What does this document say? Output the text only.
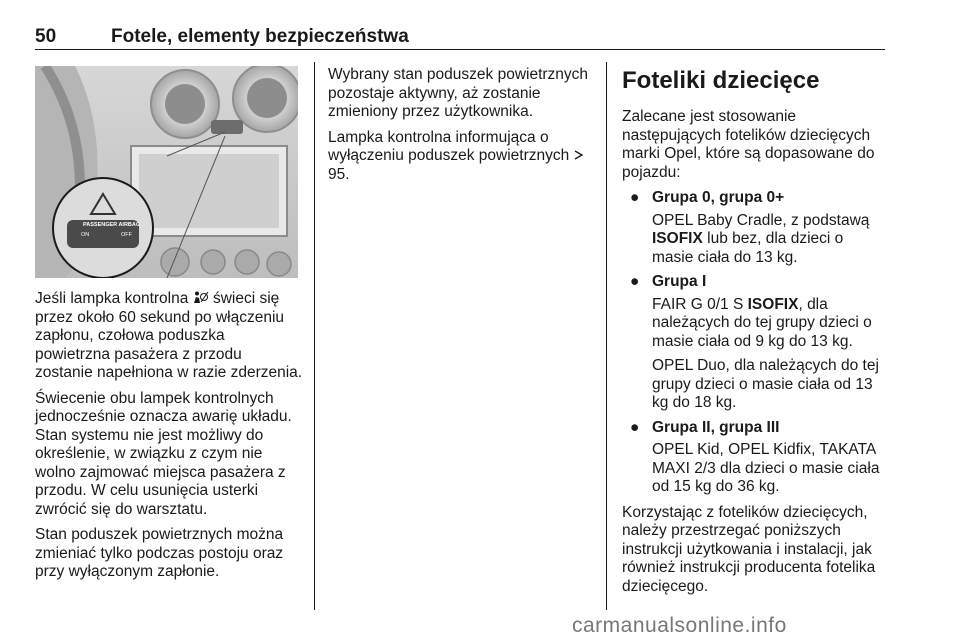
50	Fotele, elementy bezpieczeństwa
PASSENGER AIRBAG
ON	OFF

Jeśli lampka kontrolna świeci się przez około 60 sekund po włączeniu zapłonu, czołowa poduszka powietrzna pasażera z przodu zostanie napełniona w razie zderzenia.

Świecenie obu lampek kontrolnych jednocześnie oznacza awarię układu. Stan systemu nie jest możliwy do określenie, w związku z czym nie wolno zajmować miejsca pasażera z przodu. W celu usunięcia usterki zwrócić się do warsztatu.

Stan poduszek powietrznych można zmieniać tylko podczas postoju oraz przy wyłączonym zapłonie.

Wybrany stan poduszek powietrznych pozostaje aktywny, aż zostanie zmieniony przez użytkownika.

Lampka kontrolna informująca o wyłączeniu poduszek powietrznych  95.

Foteliki dziecięce

Zalecane jest stosowanie następujących fotelików dziecięcych marki Opel, które są dopasowane do pojazdu:

● Grupa 0, grupa 0+

OPEL Baby Cradle, z podstawą ISOFIX lub bez, dla dzieci o masie ciała do 13 kg.

● Grupa I

FAIR G 0/1 S ISOFIX, dla należących do tej grupy dzieci o masie ciała od 9 kg do 13 kg.

OPEL Duo, dla należących do tej grupy dzieci o masie ciała od 13 kg do 18 kg.

● Grupa II, grupa III

OPEL Kid, OPEL Kidfix, TAKATA MAXI 2/3 dla dzieci o masie ciała od 15 kg do 36 kg.

Korzystając z fotelików dziecięcych, należy przestrzegać poniższych instrukcji użytkowania i instalacji, jak również instrukcji producenta fotelika dziecięcego.

carmanualsonline.info
